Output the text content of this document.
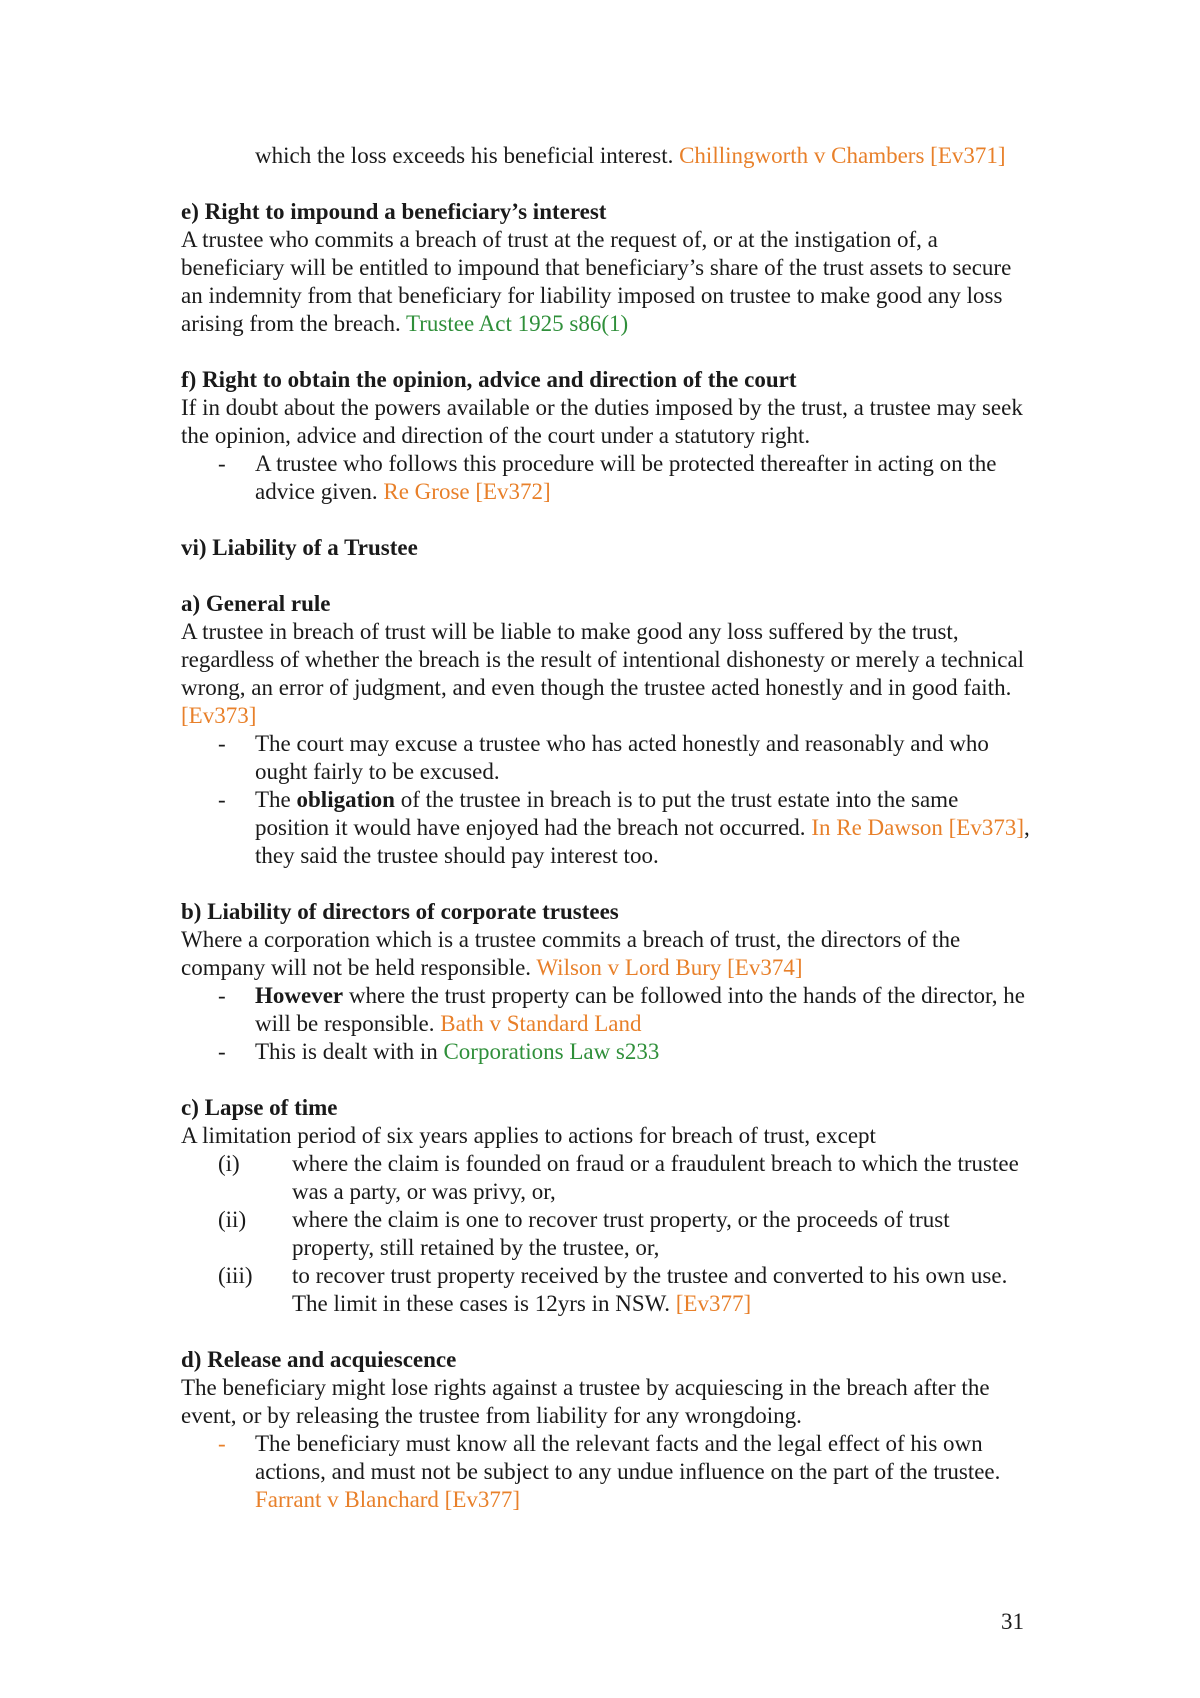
which the loss exceeds his beneficial interest. Chillingworth v Chambers [Ev371]

e) Right to impound a beneficiary’s interest

A trustee who commits a breach of trust at the request of, or at the instigation of, a beneficiary will be entitled to impound that beneficiary’s share of the trust assets to secure an indemnity from that beneficiary for liability imposed on trustee to make good any loss arising from the breach. Trustee Act 1925 s86(1)

f) Right to obtain the opinion, advice and direction of the court

If in doubt about the powers available or the duties imposed by the trust, a trustee may seek the opinion, advice and direction of the court under a statutory right.

- A trustee who follows this procedure will be protected thereafter in acting on the advice given. Re Grose [Ev372]

vi) Liability of a Trustee

a) General rule

A trustee in breach of trust will be liable to make good any loss suffered by the trust, regardless of whether the breach is the result of intentional dishonesty or merely a technical wrong, an error of judgment, and even though the trustee acted honestly and in good faith. [Ev373]

- The court may excuse a trustee who has acted honestly and reasonably and who ought fairly to be excused.
- The obligation of the trustee in breach is to put the trust estate into the same position it would have enjoyed had the breach not occurred. In Re Dawson [Ev373], they said the trustee should pay interest too.

b) Liability of directors of corporate trustees

Where a corporation which is a trustee commits a breach of trust, the directors of the company will not be held responsible. Wilson v Lord Bury [Ev374]

- However where the trust property can be followed into the hands of the director, he will be responsible. Bath v Standard Land
- This is dealt with in Corporations Law s233

c) Lapse of time

A limitation period of six years applies to actions for breach of trust, except

(i) where the claim is founded on fraud or a fraudulent breach to which the trustee was a party, or was privy, or,
(ii) where the claim is one to recover trust property, or the proceeds of trust property, still retained by the trustee, or,
(iii) to recover trust property received by the trustee and converted to his own use. The limit in these cases is 12yrs in NSW. [Ev377]

d) Release and acquiescence

The beneficiary might lose rights against a trustee by acquiescing in the breach after the event, or by releasing the trustee from liability for any wrongdoing.

- The beneficiary must know all the relevant facts and the legal effect of his own actions, and must not be subject to any undue influence on the part of the trustee. Farrant v Blanchard [Ev377]
31
